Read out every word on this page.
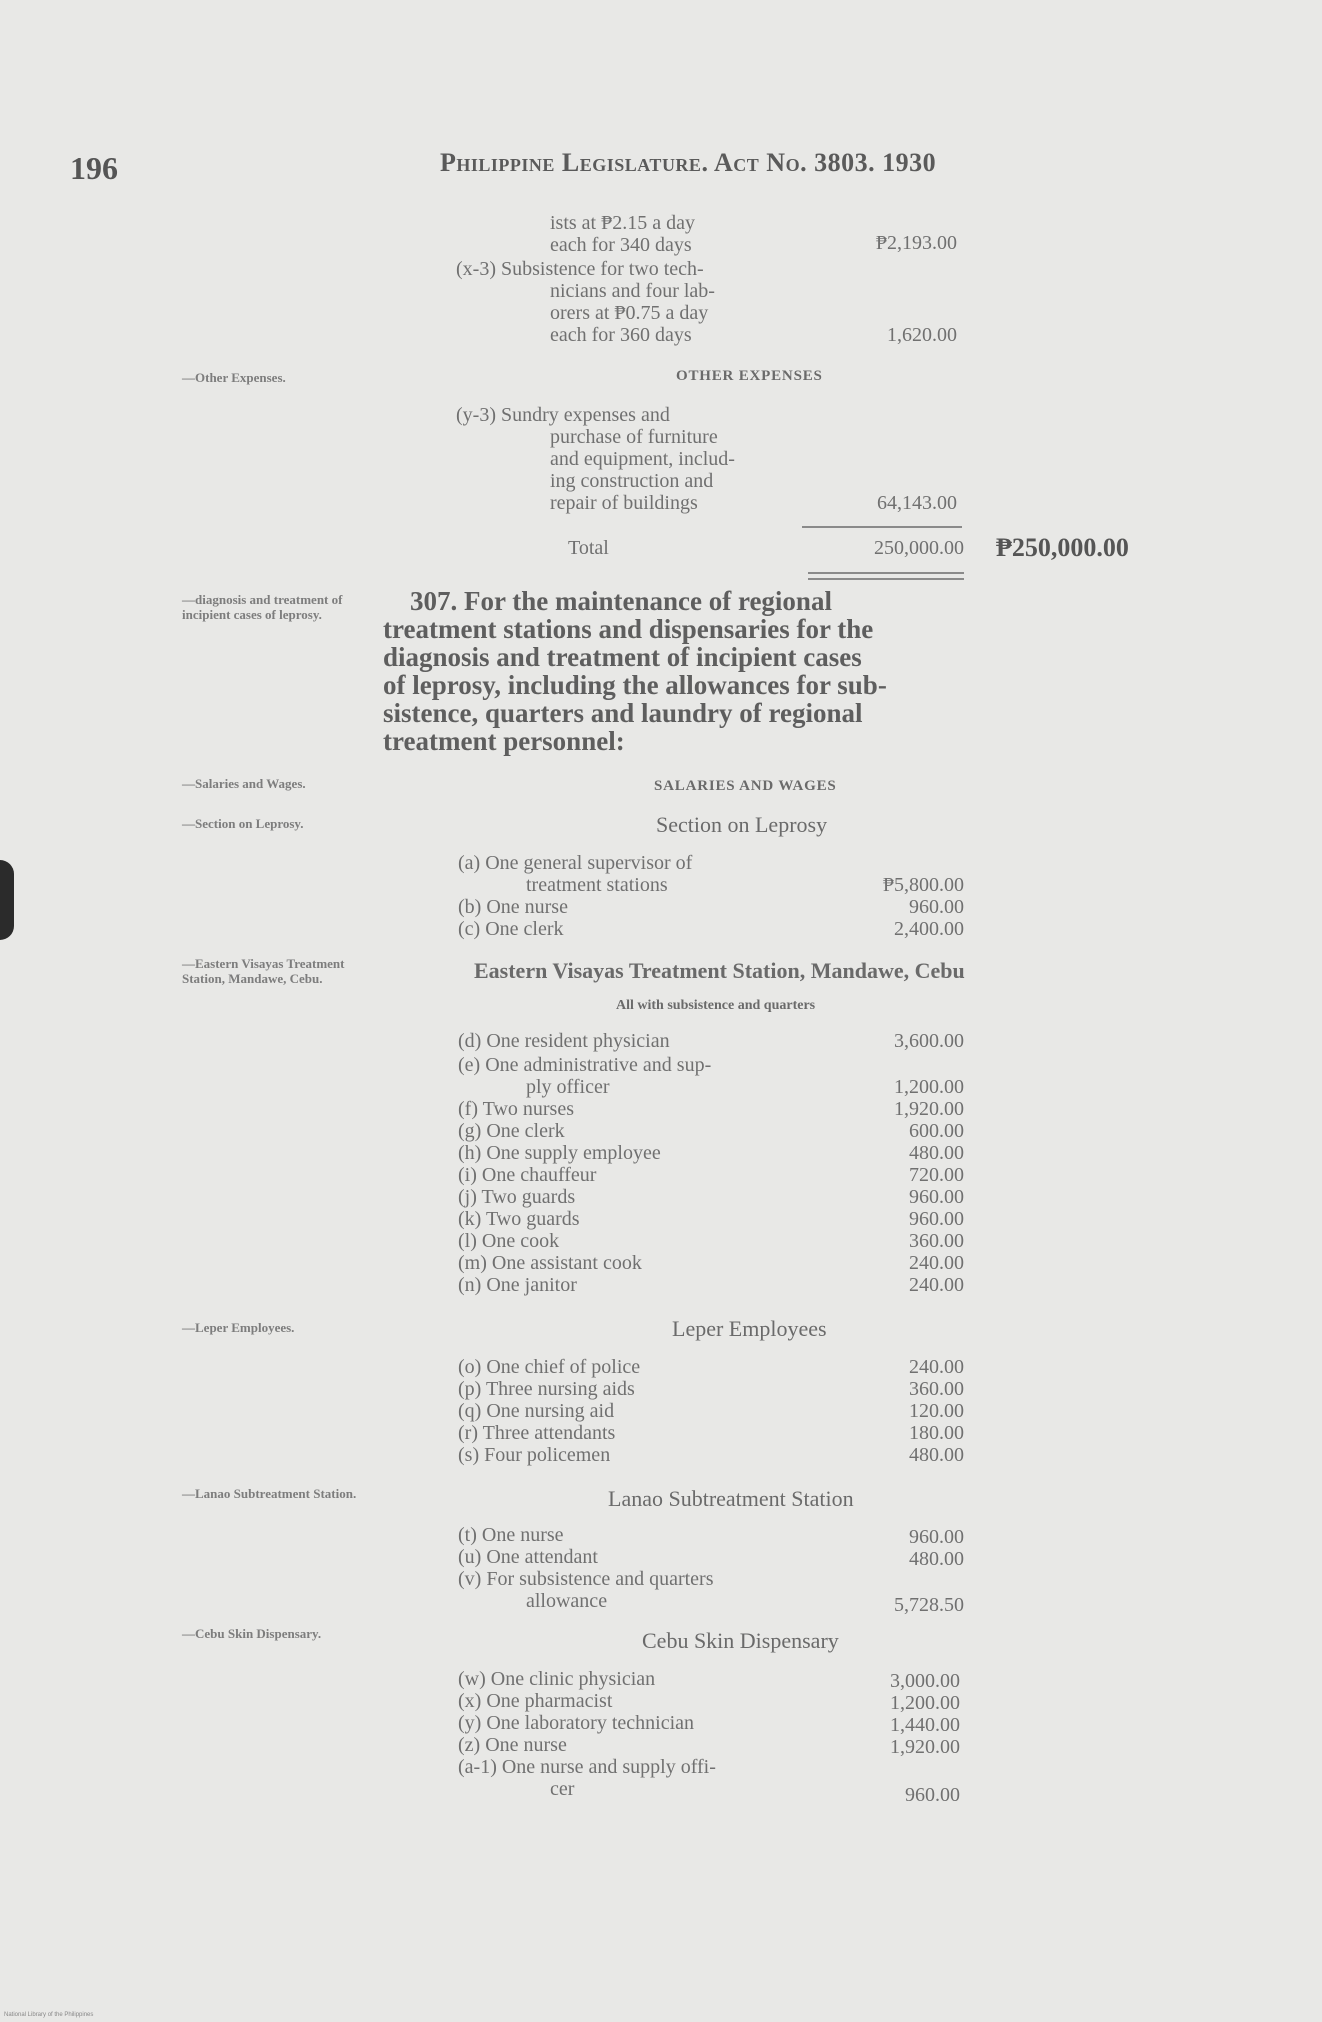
196	Philippine Legislature. Act No. 3803. 1930
ists at ₱2.15 a day
each for 340 days	₱2,193.00
(x-3) Subsistence for two tech-
nicians and four lab-
orers at ₱0.75 a day
each for 360 days	1,620.00
—Other Expenses.	OTHER EXPENSES
(y-3) Sundry expenses and
purchase of furniture
and equipment, includ-
ing construction and
repair of buildings	64,143.00
Total	250,000.00 ₱250,000.00
—diagnosis and treatment of incipient cases of leprosy.	307. For the maintenance of regional
treatment stations and dispensaries for the
diagnosis and treatment of incipient cases
of leprosy, including the allowances for sub-
sistence, quarters and laundry of regional
treatment personnel:
—Salaries and Wages.	SALARIES AND WAGES
—Section on Leprosy.	Section on Leprosy
(a) One general supervisor of
treatment stations	₱5,800.00
(b) One nurse	960.00
(c) One clerk	2,400.00
—Eastern Visayas Treatment Station, Mandawe, Cebu.	Eastern Visayas Treatment Station, Mandawe, Cebu
All with subsistence and quarters
(d) One resident physician	3,600.00
(e) One administrative and sup-
ply officer	1,200.00
(f) Two nurses	1,920.00
(g) One clerk	600.00
(h) One supply employee	480.00
(i) One chauffeur	720.00
(j) Two guards	960.00
(k) Two guards	960.00
(l) One cook	360.00
(m) One assistant cook	240.00
(n) One janitor	240.00
—Leper Employees.	Leper Employees
(o) One chief of police	240.00
(p) Three nursing aids	360.00
(q) One nursing aid	120.00
(r) Three attendants	180.00
(s) Four policemen	480.00
—Lanao Subtreatment Station.	Lanao Subtreatment Station
(t) One nurse	960.00
(u) One attendant	480.00
(v) For subsistence and quarters
allowance	5,728.50
—Cebu Skin Dispensary.	Cebu Skin Dispensary
(w) One clinic physician	3,000.00
(x) One pharmacist	1,200.00
(y) One laboratory technician	1,440.00
(z) One nurse	1,920.00
(a-1) One nurse and supply offi-
cer	960.00
National Library of the Philippines
